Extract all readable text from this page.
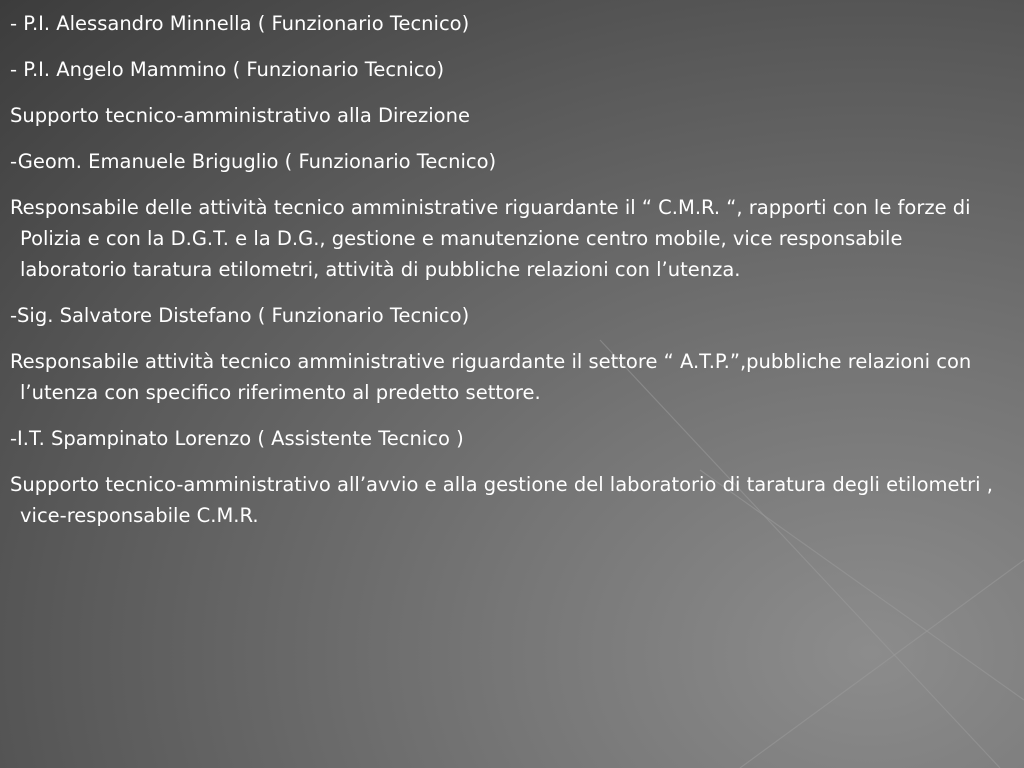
- P.I. Alessandro Minnella ( Funzionario Tecnico)

- P.I. Angelo Mammino ( Funzionario Tecnico)

Supporto tecnico-amministrativo alla Direzione

-Geom. Emanuele Briguglio ( Funzionario Tecnico)

Responsabile delle attività tecnico amministrative riguardante il “ C.M.R. “, rapporti con le forze di Polizia e con la D.G.T. e la D.G., gestione e manutenzione centro mobile, vice responsabile laboratorio taratura etilometri, attività di pubbliche relazioni con l’utenza.

-Sig. Salvatore Distefano ( Funzionario Tecnico)

Responsabile attività tecnico amministrative riguardante il settore “ A.T.P.”,pubbliche relazioni con l’utenza con specifico riferimento al predetto settore.

-I.T. Spampinato Lorenzo ( Assistente Tecnico )

Supporto tecnico-amministrativo all’avvio e alla gestione del laboratorio di taratura degli etilometri , vice-responsabile C.M.R.
